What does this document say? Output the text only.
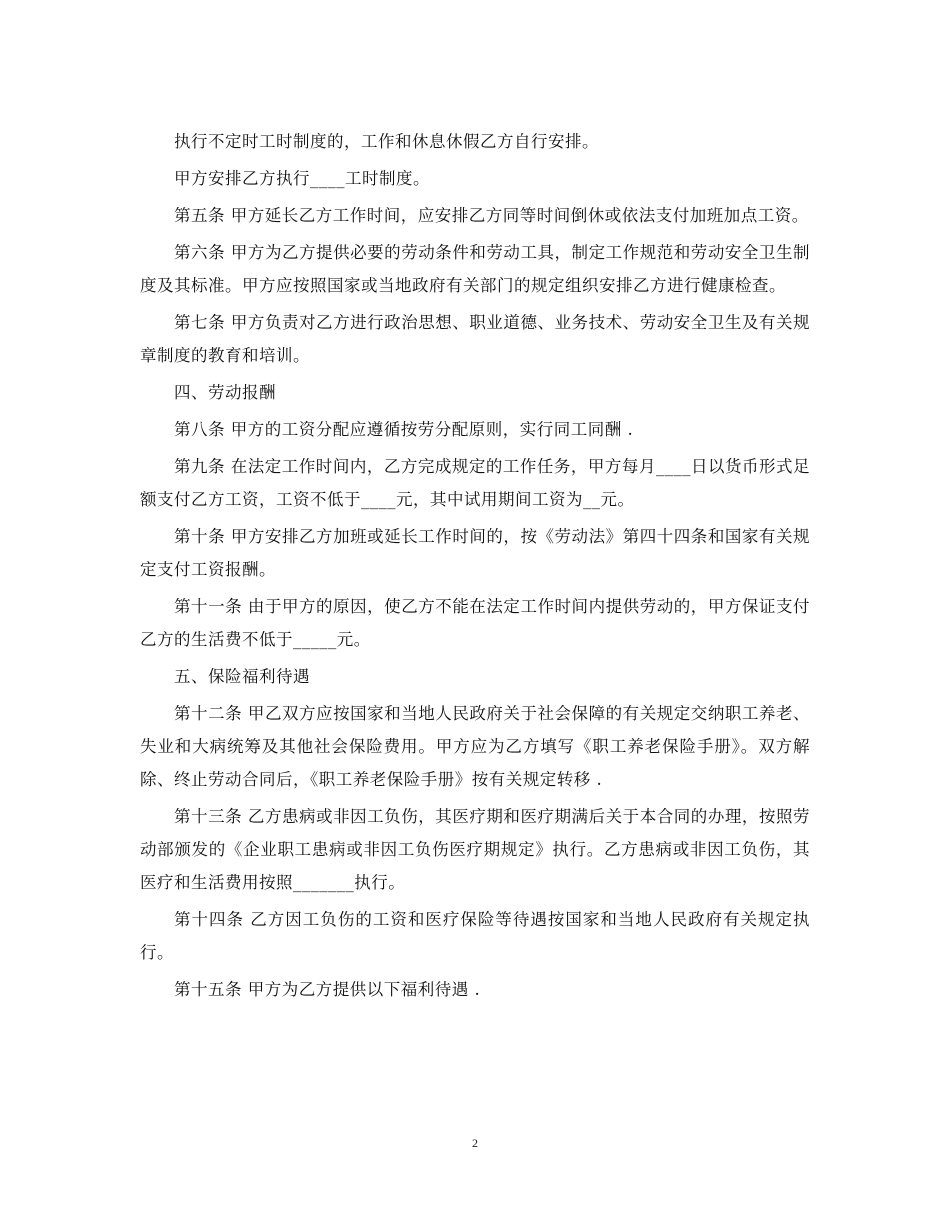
执行不定时工时制度的，工作和休息休假乙方自行安排。

甲方安排乙方执行____工时制度。

第五条 甲方延长乙方工作时间，应安排乙方同等时间倒休或依法支付加班加点工资。

第六条 甲方为乙方提供必要的劳动条件和劳动工具，制定工作规范和劳动安全卫生制度及其标准。甲方应按照国家或当地政府有关部门的规定组织安排乙方进行健康检查。

第七条 甲方负责对乙方进行政治思想、职业道德、业务技术、劳动安全卫生及有关规章制度的教育和培训。

四、劳动报酬

第八条 甲方的工资分配应遵循按劳分配原则，实行同工同酬 .

第九条 在法定工作时间内，乙方完成规定的工作任务，甲方每月____日以货币形式足额支付乙方工资，工资不低于____元，其中试用期间工资为__元。

第十条 甲方安排乙方加班或延长工作时间的，按《劳动法》第四十四条和国家有关规定支付工资报酬。

第十一条 由于甲方的原因，使乙方不能在法定工作时间内提供劳动的，甲方保证支付乙方的生活费不低于_____元。

五、保险福利待遇

第十二条 甲乙双方应按国家和当地人民政府关于社会保障的有关规定交纳职工养老、失业和大病统筹及其他社会保险费用。甲方应为乙方填写《职工养老保险手册》。双方解除、终止劳动合同后，《职工养老保险手册》按有关规定转移 .

第十三条 乙方患病或非因工负伤，其医疗期和医疗期满后关于本合同的办理，按照劳动部颁发的《企业职工患病或非因工负伤医疗期规定》执行。乙方患病或非因工负伤，其医疗和生活费用按照_______执行。

第十四条 乙方因工负伤的工资和医疗保险等待遇按国家和当地人民政府有关规定执行。

第十五条 甲方为乙方提供以下福利待遇 .

2
